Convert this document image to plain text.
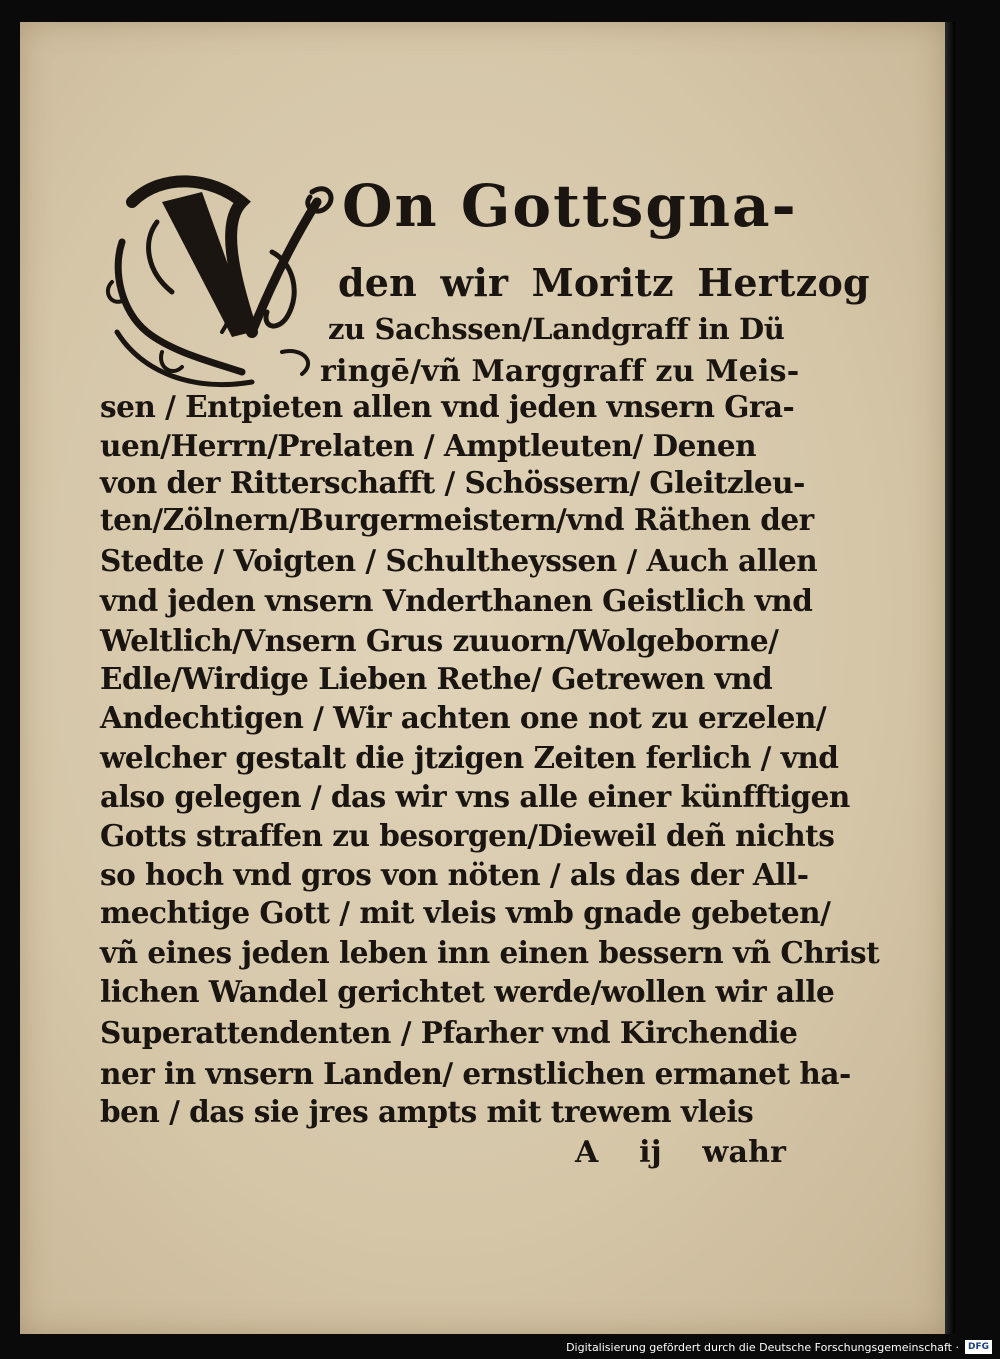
On Gottsgna-
den wir Moritz Hertzog
zu Sachssen/Landgraff in Dü
ringē/vñ Marggraff zu Meis-
sen / Entpieten allen vnd jeden vnsern Gra-
uen/Herrn/Prelaten / Amptleuten/ Denen
von der Ritterschafft / Schössern/ Gleitzleu-
ten/Zölnern/Burgermeistern/vnd Räthen der
Stedte / Voigten / Schultheyssen / Auch allen
vnd jeden vnsern Vnderthanen Geistlich vnd
Weltlich/Vnsern Grus zuuorn/Wolgeborne/
Edle/Wirdige Lieben Rethe/ Getrewen vnd
Andechtigen / Wir achten one not zu erzelen/
welcher gestalt die jtzigen Zeiten ferlich / vnd
also gelegen / das wir vns alle einer künfftigen
Gotts straffen zu besorgen/Dieweil deñ nichts
so hoch vnd gros von nöten / als das der All-
mechtige Gott / mit vleis vmb gnade gebeten/
vñ eines jeden leben inn einen bessern vñ Christ
lichen Wandel gerichtet werde/wollen wir alle
Superattendenten / Pfarher vnd Kirchendie
ner in vnsern Landen/ ernstlichen ermanet ha-
ben / das sie jres ampts mit trewem vleis
A ij wahr
Digitalisierung gefördert durch die Deutsche Forschungsgemeinschaft ·	DFG
